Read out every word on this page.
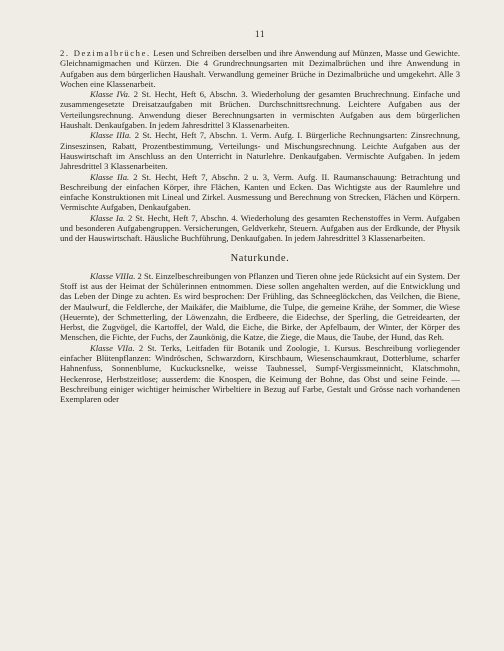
11

2. Dezimalbrüche. Lesen und Schreiben derselben und ihre Anwendung auf Münzen, Masse und Gewichte. Gleichnamigmachen und Kürzen. Die 4 Grundrechnungsarten mit Dezimalbrüchen und ihre Anwendung in Aufgaben aus dem bürgerlichen Haushalt. Verwandlung gemeiner Brüche in Dezimalbrüche und umgekehrt. Alle 3 Wochen eine Klassenarbeit.

Klasse IVa. 2 St. Hecht, Heft 6, Abschn. 3. Wiederholung der gesamten Bruchrechnung. Einfache und zusammengesetzte Dreisatzaufgaben mit Brüchen. Durchschnittsrechnung. Leichtere Aufgaben aus der Verteilungsrechnung. Anwendung dieser Berechnungsarten in vermischten Aufgaben aus dem bürgerlichen Haushalt. Denkaufgaben. In jedem Jahresdrittel 3 Klassenarbeiten.

Klasse IIIa. 2 St. Hecht, Heft 7, Abschn. 1. Verm. Aufg. I. Bürgerliche Rechnungsarten: Zinsrechnung, Zinseszinsen, Rabatt, Prozentbestimmung, Verteilungs- und Mischungsrechnung. Leichte Aufgaben aus der Hauswirtschaft im Anschluss an den Unterricht in Naturlehre. Denkaufgaben. Vermischte Aufgaben. In jedem Jahresdrittel 3 Klassenarbeiten.

Klasse IIa. 2 St. Hecht, Heft 7, Abschn. 2 u. 3, Verm. Aufg. II. Raumanschauung: Betrachtung und Beschreibung der einfachen Körper, ihre Flächen, Kanten und Ecken. Das Wichtigste aus der Raumlehre und einfache Konstruktionen mit Lineal und Zirkel. Ausmessung und Berechnung von Strecken, Flächen und Körpern. Vermischte Aufgaben, Denkaufgaben.

Klasse Ia. 2 St. Hecht, Heft 7, Abschn. 4. Wiederholung des gesamten Rechenstoffes in Verm. Aufgaben und besonderen Aufgabengruppen. Versicherungen, Geldverkehr, Steuern. Aufgaben aus der Erdkunde, der Physik und der Hauswirtschaft. Häusliche Buchführung, Denkaufgaben. In jedem Jahresdrittel 3 Klassenarbeiten.

Naturkunde.

Klasse VIIIa. 2 St. Einzelbeschreibungen von Pflanzen und Tieren ohne jede Rücksicht auf ein System. Der Stoff ist aus der Heimat der Schülerinnen entnommen. Diese sollen angehalten werden, auf die Entwicklung und das Leben der Dinge zu achten. Es wird besprochen: Der Frühling, das Schneeglöckchen, das Veilchen, die Biene, der Maulwurf, die Feldlerche, der Maikäfer, die Maiblume, die Tulpe, die gemeine Krähe, der Sommer, die Wiese (Heuernte), der Schmetterling, der Löwenzahn, die Erdbeere, die Eidechse, der Sperling, die Getreidearten, der Herbst, die Zugvögel, die Kartoffel, der Wald, die Eiche, die Birke, der Apfelbaum, der Winter, der Körper des Menschen, die Fichte, der Fuchs, der Zaunkönig, die Katze, die Ziege, die Maus, die Taube, der Hund, das Reh.

Klasse VIIa. 2 St. Terks, Leitfaden für Botanik und Zoologie, 1. Kursus. Beschreibung vorliegender einfacher Blütenpflanzen: Windröschen, Schwarzdorn, Kirschbaum, Wiesenschaumkraut, Dotterblume, scharfer Hahnenfuss, Sonnenblume, Kuckucksnelke, weisse Taubnessel, Sumpf-Vergissmeinnicht, Klatschmohn, Heckenrose, Herbstzeitlose; ausserdem: die Knospen, die Keimung der Bohne, das Obst und seine Feinde. — Beschreibung einiger wichtiger heimischer Wirbeltiere in Bezug auf Farbe, Gestalt und Grösse nach vorhandenen Exemplaren oder
